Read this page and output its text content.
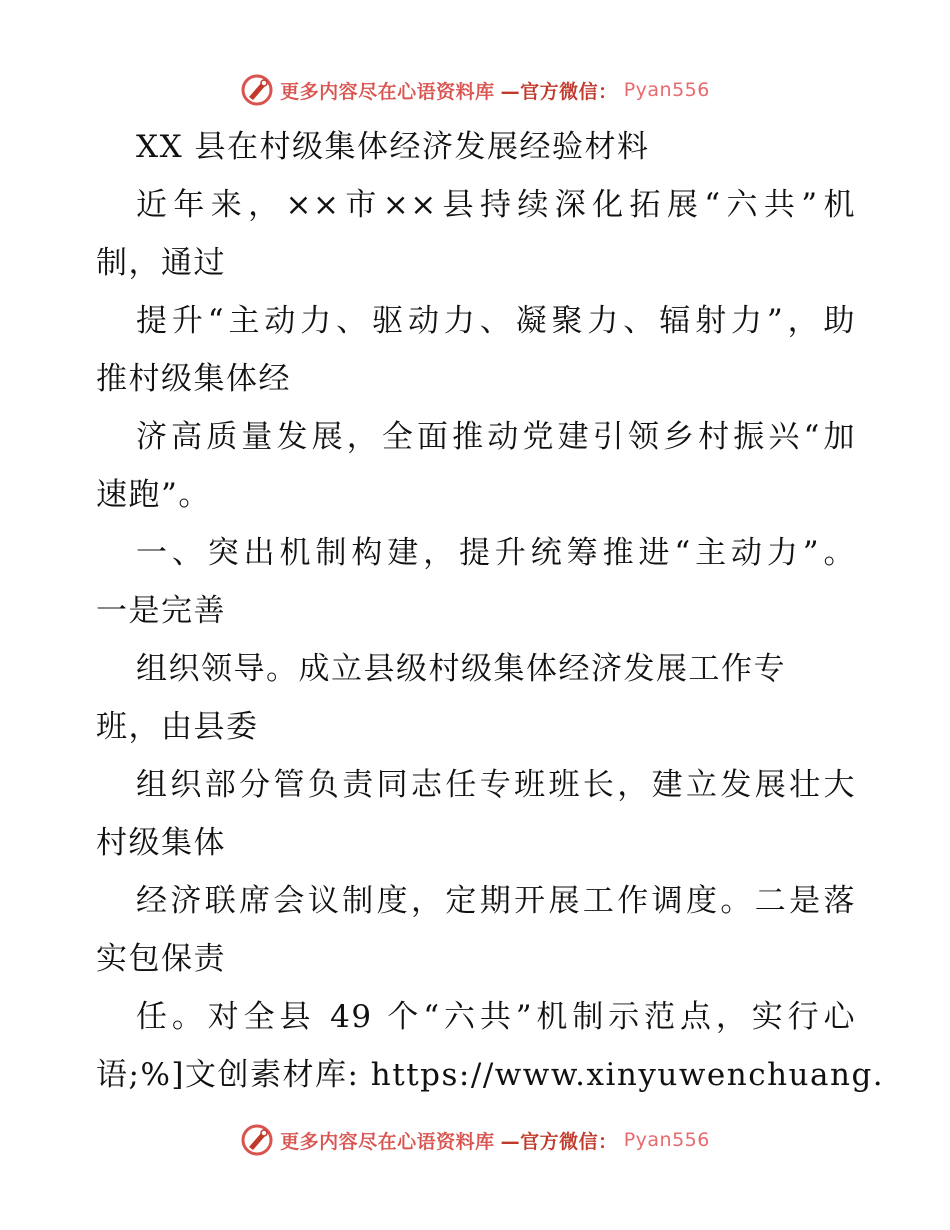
更多内容尽在心语资料库 —官方微信： Pyan556
XX 县在村级集体经济发展经验材料
近年来，××市××县持续深化拓展“六共”机
制，通过
提升“主动力、驱动力、凝聚力、辐射力”，助
推村级集体经
济高质量发展，全面推动党建引领乡村振兴“加
速跑”。
一、突出机制构建，提升统筹推进“主动力”。
一是完善
组织领导。成立县级村级集体经济发展工作专
班，由县委
组织部分管负责同志任专班班长，建立发展壮大
村级集体
经济联席会议制度，定期开展工作调度。二是落
实包保责
任。对全县 49 个“六共”机制示范点，实行心
语;%]文创素材库: https://www.xinyuwenchuang.
更多内容尽在心语资料库 —官方微信： Pyan556
